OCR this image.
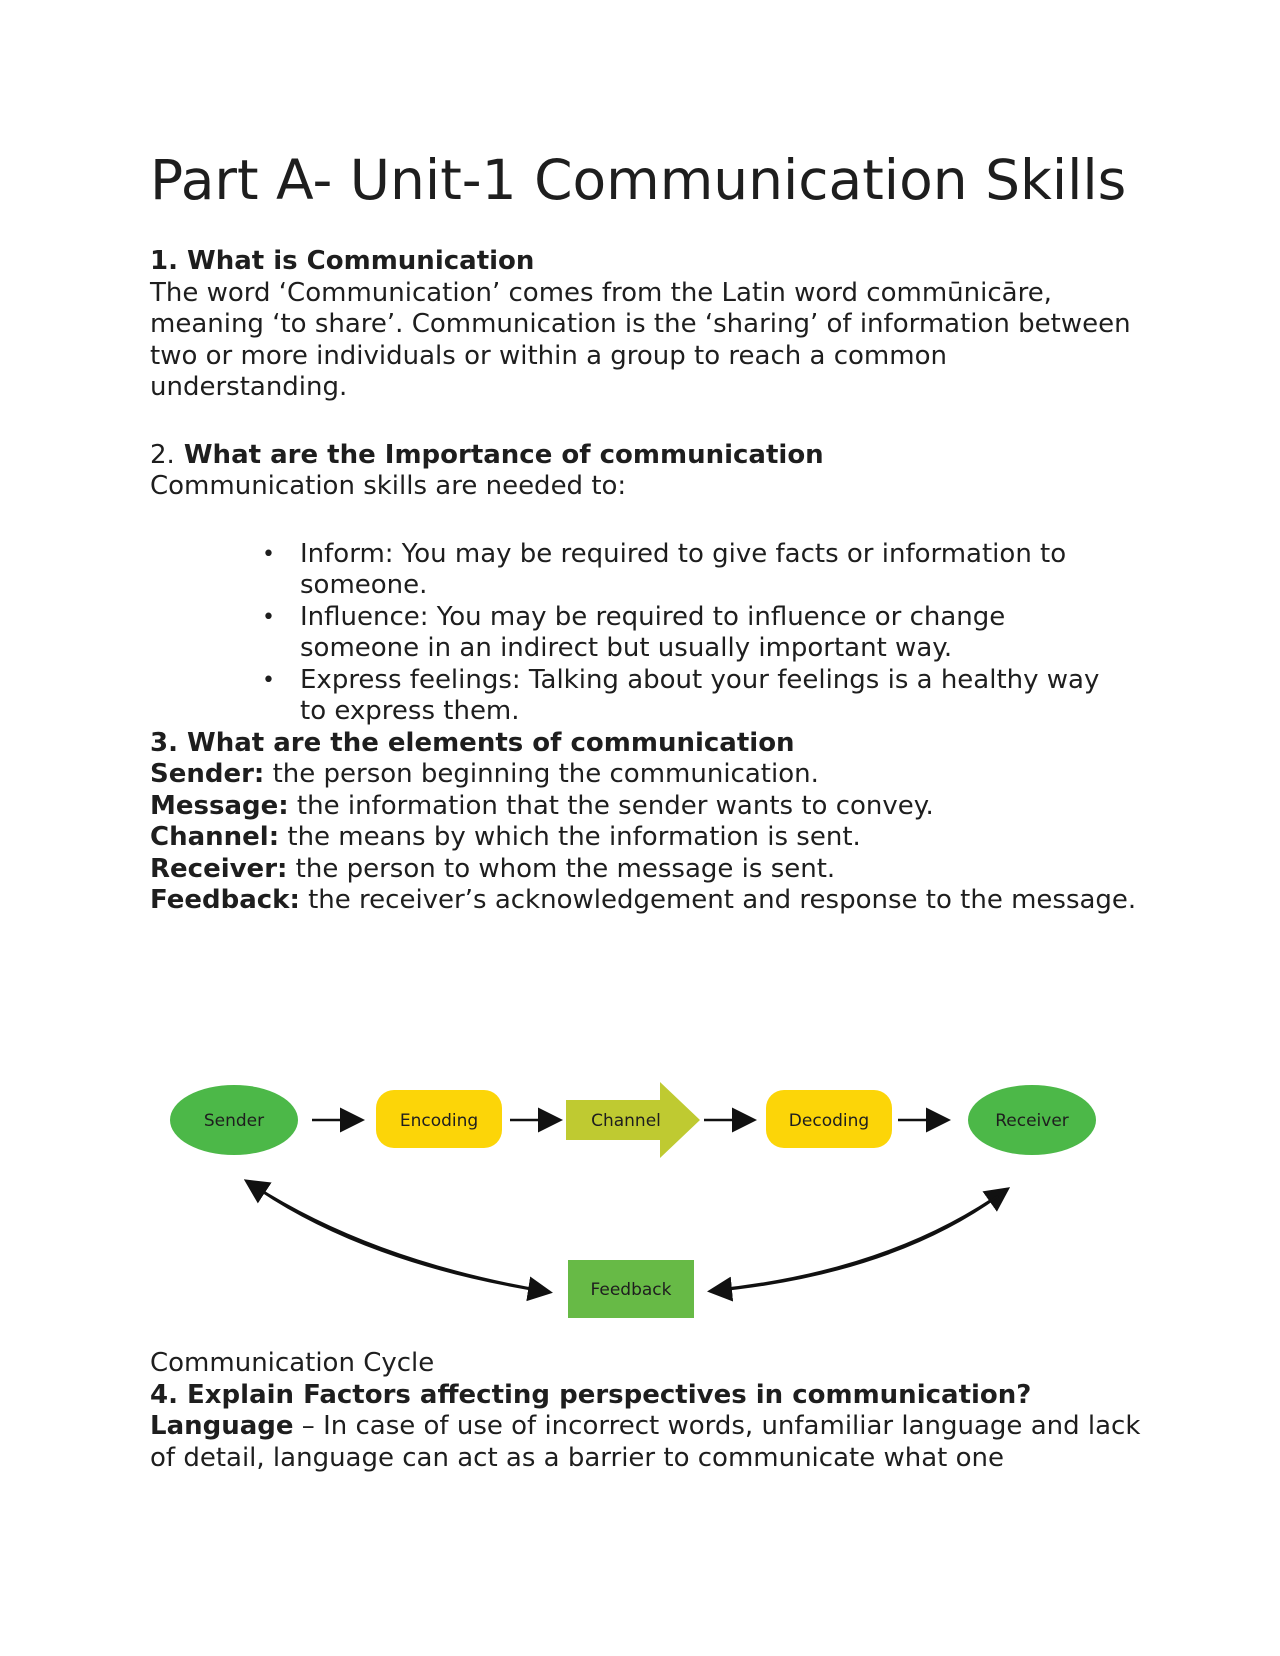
Part A- Unit-1 Communication Skills

1. What is Communication

The word ‘Communication’ comes from the Latin word commūnicāre, meaning ‘to share’. Communication is the ‘sharing’ of information between two or more individuals or within a group to reach a common understanding.

2. What are the Importance of communication

Communication skills are needed to:

• Inform: You may be required to give facts or information to someone.
• Influence: You may be required to influence or change someone in an indirect but usually important way.
• Express feelings: Talking about your feelings is a healthy way to express them.

3. What are the elements of communication

Sender: the person beginning the communication.

Message: the information that the sender wants to convey.

Channel: the means by which the information is sent.

Receiver: the person to whom the message is sent.

Feedback: the receiver’s acknowledgement and response to the message.

Sender	Encoding	Channel	Decoding	Receiver
Feedback

Communication Cycle

4. Explain Factors affecting perspectives in communication?

Language – In case of use of incorrect words, unfamiliar language and lack of detail, language can act as a barrier to communicate what one
